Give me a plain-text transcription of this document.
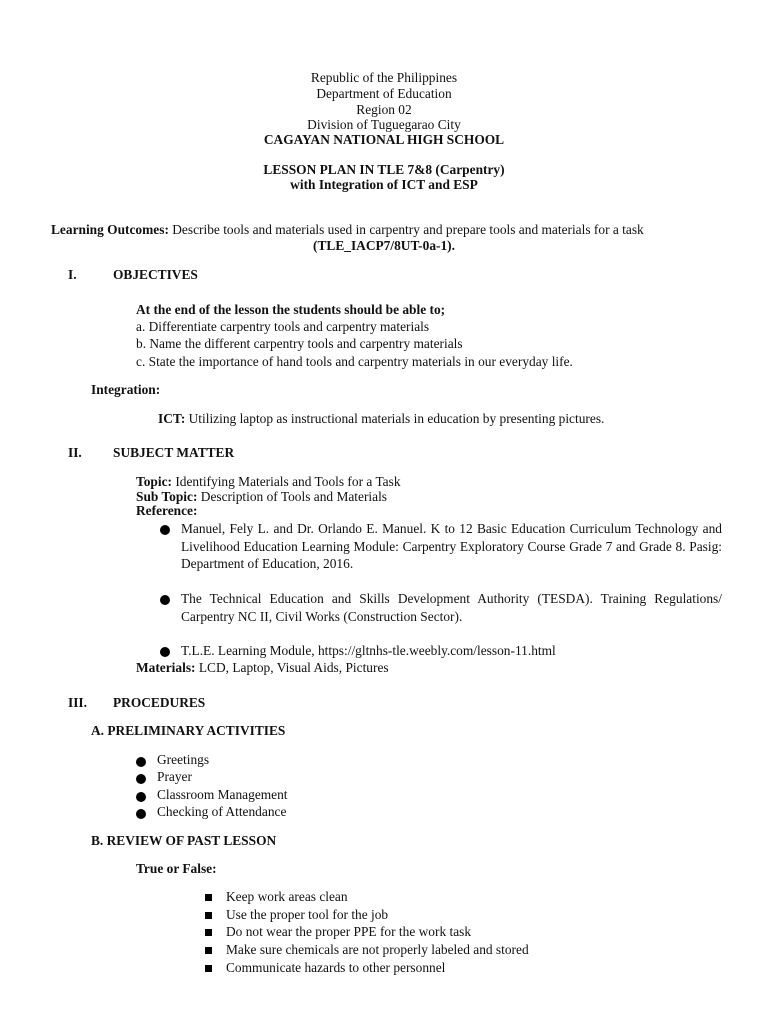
Republic of the Philippines
Department of Education
Region 02
Division of Tuguegarao City
CAGAYAN NATIONAL HIGH SCHOOL
LESSON PLAN IN TLE 7&8 (Carpentry)
with Integration of ICT and ESP
Learning Outcomes: Describe tools and materials used in carpentry and prepare tools and materials for a task
(TLE_IACP7/8UT-0a-1).
I.	OBJECTIVES
At the end of the lesson the students should be able to;
a. Differentiate carpentry tools and carpentry materials
b. Name the different carpentry tools and carpentry materials
c. State the importance of hand tools and carpentry materials in our everyday life.
Integration:
ICT: Utilizing laptop as instructional materials in education by presenting pictures.
II. SUBJECT MATTER
Topic: Identifying Materials and Tools for a Task
Sub Topic: Description of Tools and Materials
Reference:
Manuel, Fely L. and Dr. Orlando E. Manuel. K to 12 Basic Education Curriculum Technology and Livelihood Education Learning Module: Carpentry Exploratory Course Grade 7 and Grade 8. Pasig: Department of Education, 2016.
The Technical Education and Skills Development Authority (TESDA). Training Regulations/ Carpentry NC II, Civil Works (Construction Sector).
T.L.E. Learning Module, https://gltnhs-tle.weebly.com/lesson-11.html
Materials: LCD, Laptop, Visual Aids, Pictures
III. PROCEDURES
A. PRELIMINARY ACTIVITIES
Greetings
Prayer
Classroom Management
Checking of Attendance
B. REVIEW OF PAST LESSON
True or False:
Keep work areas clean
Use the proper tool for the job
Do not wear the proper PPE for the work task
Make sure chemicals are not properly labeled and stored
Communicate hazards to other personnel
